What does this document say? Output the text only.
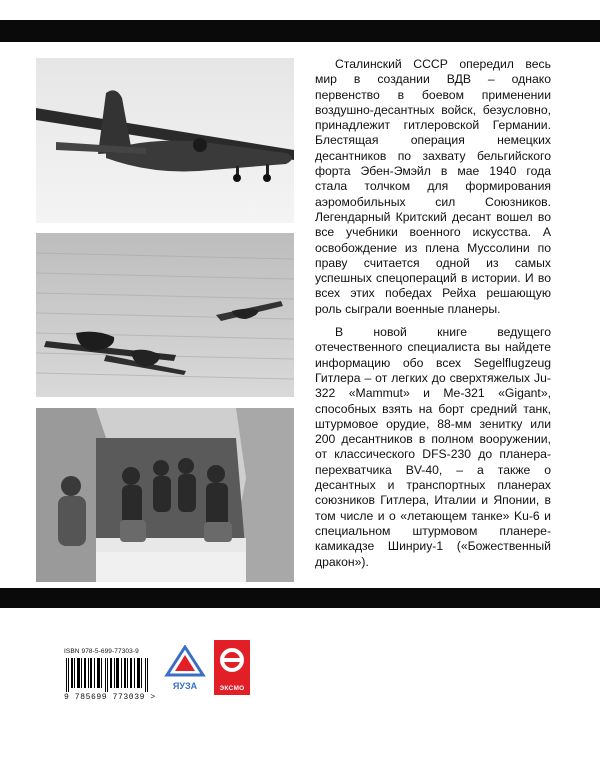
Сталинский СССР опередил весь мир в создании ВДВ – однако первенство в боевом применении воздушно-десантных войск, безусловно, принадлежит гитлеровской Германии. Блестящая операция немецких десантников по захвату бельгийского форта Эбен-Эмэйл в мае 1940 года стала толчком для формирования аэромобильных сил Союзников. Легендарный Критский десант вошел во все учебники военного искусства. А освобождение из плена Муссолини по праву считается одной из самых успешных спецопераций в истории. И во всех этих победах Рейха решающую роль сыграли военные планеры.

В новой книге ведущего отечественного специалиста вы найдете информацию обо всех Segelflugzeug Гитлера – от легких до сверхтяжелых Ju-322 «Mammut» и Me-321 «Gigant», способных взять на борт средний танк, штурмовое орудие, 88-мм зенитку или 200 десантников в полном вооружении, от классического DFS-230 до планера-перехватчика BV-40, – а также о десантных и транспортных планерах союзников Гитлера, Италии и Японии, в том числе и о «летающем танке» Ku-6 и специальном штурмовом планере-камикадзе Шинриу-1 («Божественный дракон»).

ISBN 978-5-699-77303-9
9 785699 773039 >
ЯУЗА	ЭКСМО
